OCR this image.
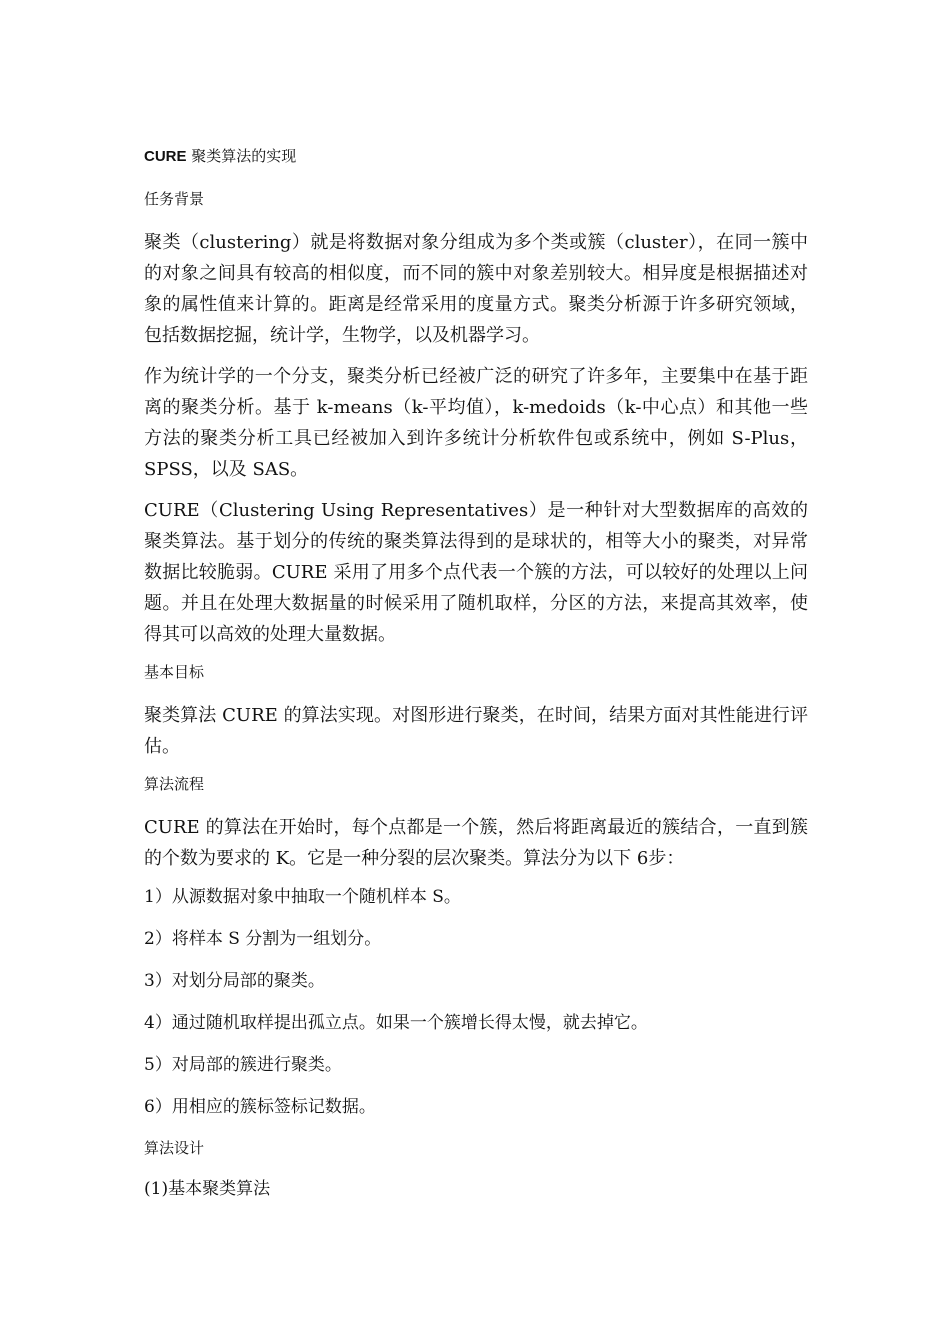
CURE 聚类算法的实现

任务背景

聚类（clustering）就是将数据对象分组成为多个类或簇（cluster），在同一簇中的对象之间具有较高的相似度，而不同的簇中对象差别较大。相异度是根据描述对象的属性值来计算的。距离是经常采用的度量方式。聚类分析源于许多研究领域，包括数据挖掘，统计学，生物学，以及机器学习。

作为统计学的一个分支，聚类分析已经被广泛的研究了许多年，主要集中在基于距离的聚类分析。基于 k-means（k-平均值），k-medoids（k-中心点）和其他一些方法的聚类分析工具已经被加入到许多统计分析软件包或系统中，例如 S-Plus，SPSS，以及 SAS。

CURE（Clustering Using Representatives）是一种针对大型数据库的高效的聚类算法。基于划分的传统的聚类算法得到的是球状的，相等大小的聚类，对异常数据比较脆弱。CURE 采用了用多个点代表一个簇的方法，可以较好的处理以上问题。并且在处理大数据量的时候采用了随机取样，分区的方法，来提高其效率，使得其可以高效的处理大量数据。

基本目标

聚类算法 CURE 的算法实现。对图形进行聚类，在时间，结果方面对其性能进行评估。

算法流程

CURE 的算法在开始时，每个点都是一个簇，然后将距离最近的簇结合，一直到簇的个数为要求的 K。它是一种分裂的层次聚类。算法分为以下 6步：

1）从源数据对象中抽取一个随机样本 S。

2）将样本 S 分割为一组划分。

3）对划分局部的聚类。

4）通过随机取样提出孤立点。如果一个簇增长得太慢，就去掉它。

5）对局部的簇进行聚类。

6）用相应的簇标签标记数据。

算法设计

(1)基本聚类算法
